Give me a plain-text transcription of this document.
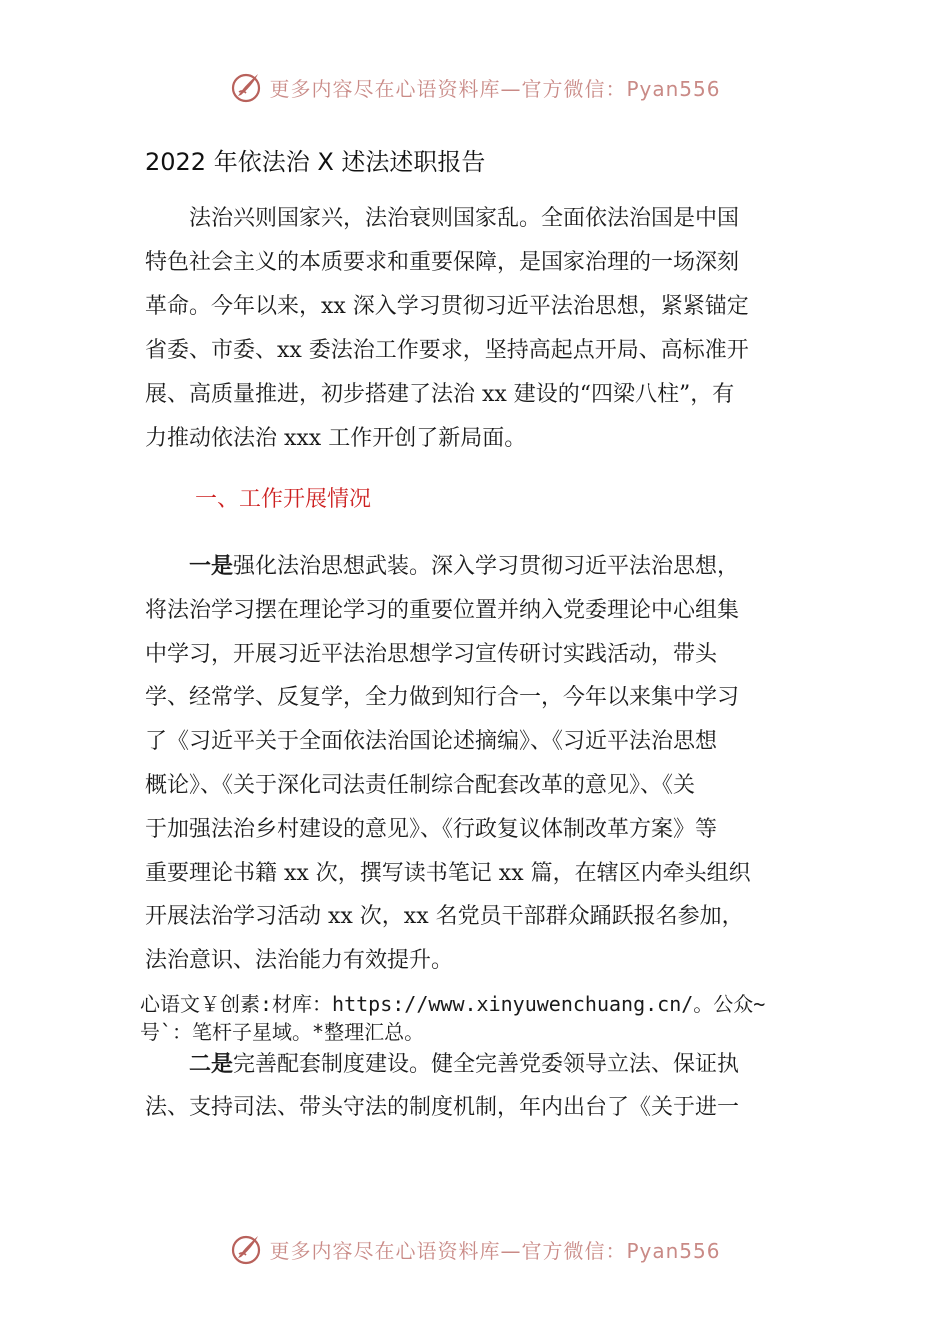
更多内容尽在心语资料库—官方微信：Pyan556
2022 年依法治 X 述法述职报告
法治兴则国家兴，法治衰则国家乱。全面依法治国是中国
特色社会主义的本质要求和重要保障，是国家治理的一场深刻
革命。今年以来，xx 深入学习贯彻习近平法治思想，紧紧锚定
省委、市委、xx 委法治工作要求，坚持高起点开局、高标准开
展、高质量推进，初步搭建了法治 xx 建设的“四梁八柱”，有
力推动依法治 xxx 工作开创了新局面。
一、工作开展情况
一是强化法治思想武装。深入学习贯彻习近平法治思想，
将法治学习摆在理论学习的重要位置并纳入党委理论中心组集
中学习，开展习近平法治思想学习宣传研讨实践活动，带头
学、经常学、反复学，全力做到知行合一，今年以来集中学习
了《习近平关于全面依法治国论述摘编》、《习近平法治思想
概论》、《关于深化司法责任制综合配套改革的意见》、《关
于加强法治乡村建设的意见》、《行政复议体制改革方案》等
重要理论书籍 xx 次，撰写读书笔记 xx 篇，在辖区内牵头组织
开展法治学习活动 xx 次，xx 名党员干部群众踊跃报名参加，
法治意识、法治能力有效提升。
心语文￥创素:材库：https://www.xinyuwenchuang.cn/。公众~
号`：笔杆子星域。*整理汇总。
二是完善配套制度建设。健全完善党委领导立法、保证执
法、支持司法、带头守法的制度机制，年内出台了《关于进一
更多内容尽在心语资料库—官方微信：Pyan556
